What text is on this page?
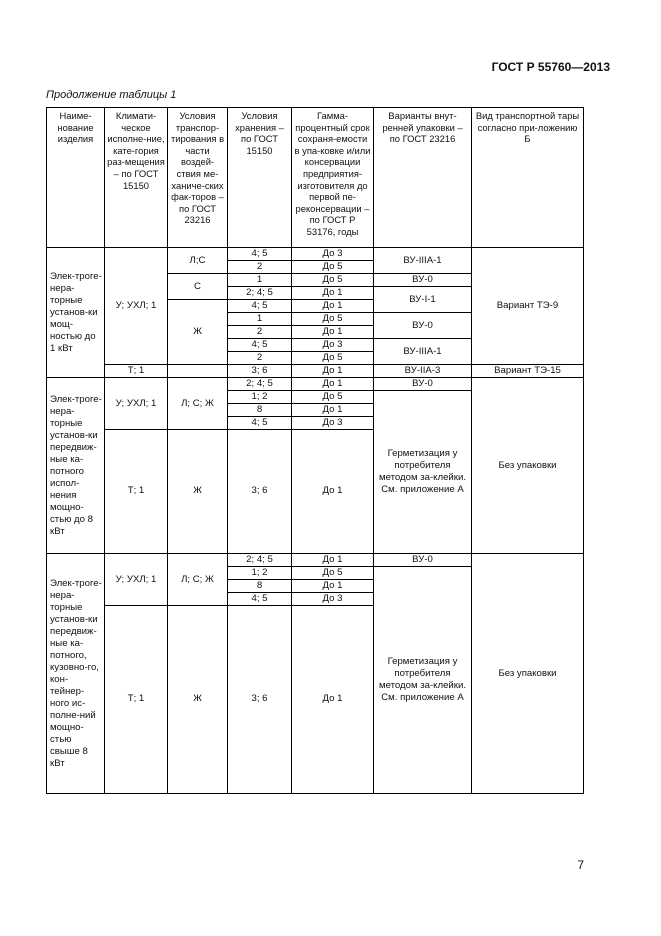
ГОСТ Р 55760—2013
Продолжение таблицы 1
Наиме-нование изделия	Климати-ческое исполне-ние, кате-гория раз-мещения – по ГОСТ 15150	Условия транспор-тирования в части воздей-ствия ме-ханиче-ских фак-торов – по ГОСТ 23216	Условия хранения – по ГОСТ 15150	Гамма-процентный срок сохраня-емости в упа-ковке и/или консервации предприятия-изготовителя до первой пе-реконсервации – по ГОСТ Р 53176, годы	Варианты внут-ренней упаковки – по ГОСТ 23216	Вид транспортной тары согласно при-ложению Б
Элек-троге-нера-торные установ-ки мощ-ностью до 1 кВт	У; УХЛ; 1	Л;С	4; 5	До 3	ВУ-IIIA-1	Вариант ТЭ-9
			2	До 5		
		С	1	До 5	ВУ-0	
			2; 4; 5	До 1	ВУ-I-1	
		Ж	4; 5	До 1		
			1	До 5	ВУ-0	
			2	До 1		
			4; 5	До 3	ВУ-IIIA-1	
			2	До 5		
	Т; 1		3; 6	До 1	ВУ-IIA-3	Вариант ТЭ-15
Элек-троге-нера-торные установ-ки передвиж-ные ка-потного испол-нения мощно-стью до 8 кВт	У; УХЛ; 1	Л; С; Ж	2; 4; 5	До 1	ВУ-0	Без упаковки
			1; 2	До 5	Герметизация у потребителя методом за-клейки. См. приложение А	
			8	До 1		
			4; 5	До 3		
	Т; 1	Ж	3; 6	До 1		
Элек-троге-нера-торные установ-ки передвиж-ные ка-потного, кузовно-го, кон-тейнер-ного ис-полне-ний мощно-стью свыше 8 кВт	У; УХЛ; 1	Л; С; Ж	2; 4; 5	До 1	ВУ-0	Без упаковки
			1; 2	До 5	Герметизация у потребителя методом за-клейки. См. приложение А	
			8	До 1		
			4; 5	До 3		
	Т; 1	Ж	3; 6	До 1		
7
